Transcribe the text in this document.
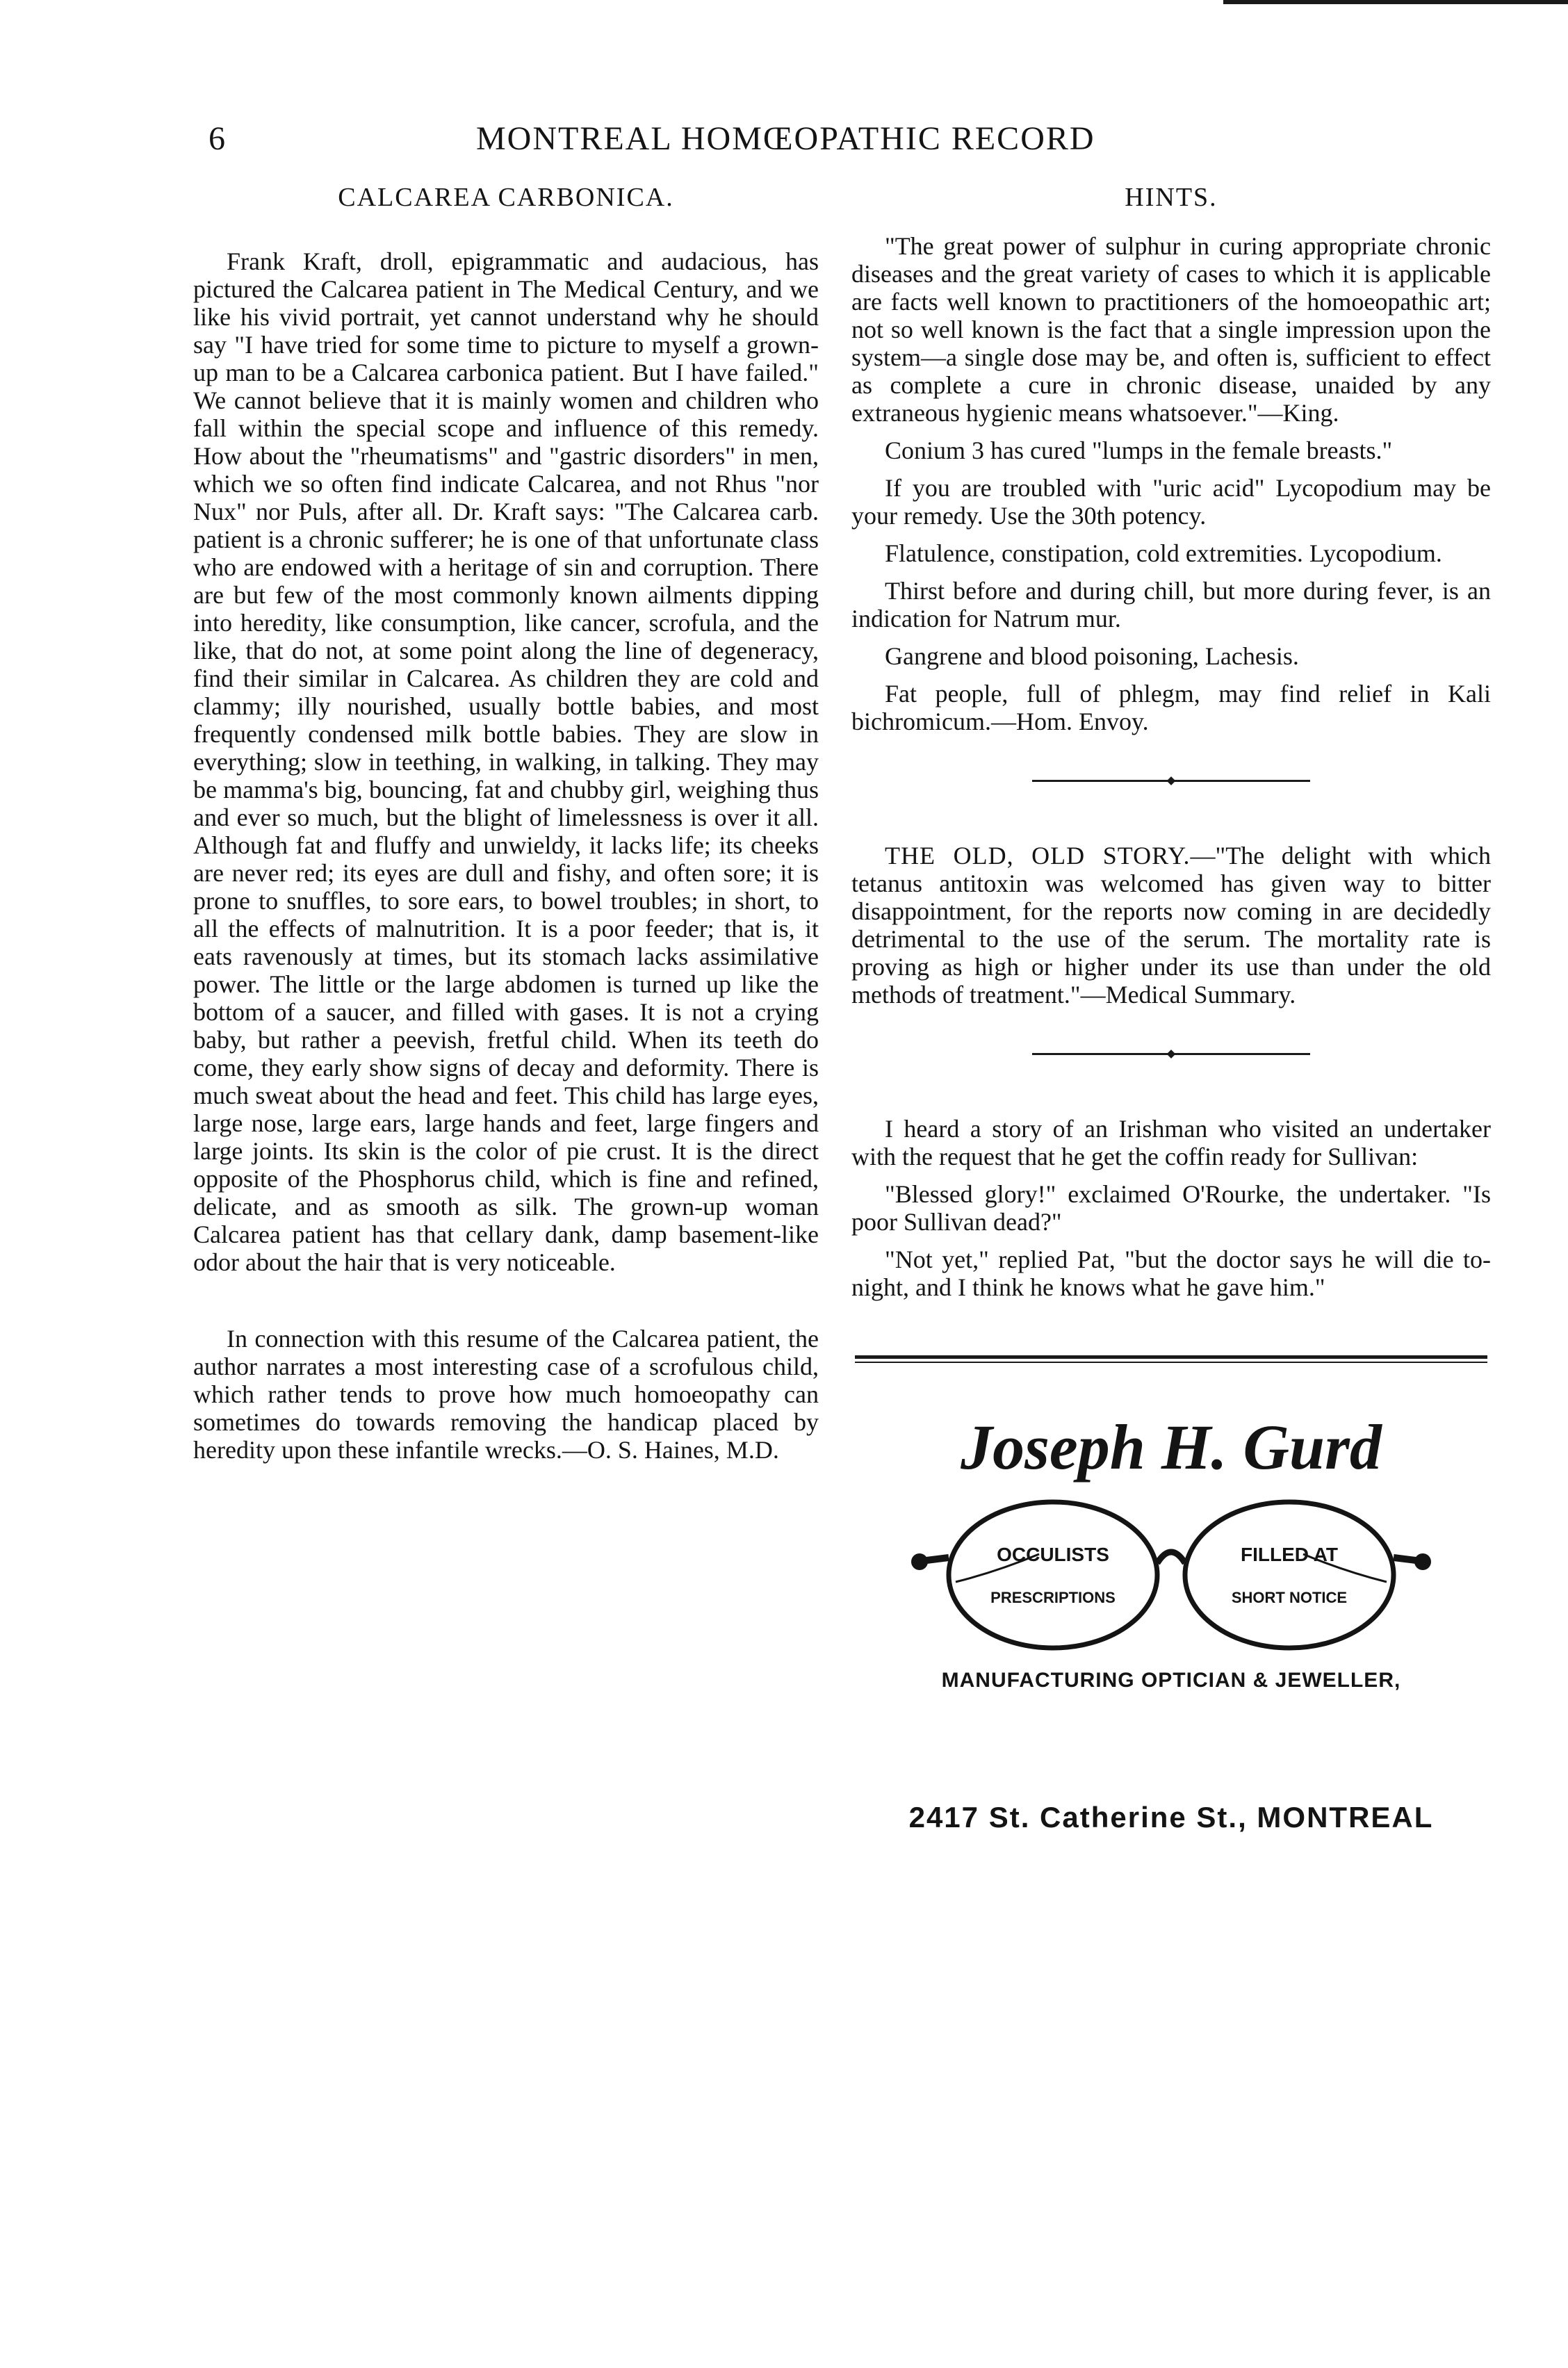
6	MONTREAL HOMŒOPATHIC RECORD
CALCAREA CARBONICA.

Frank Kraft, droll, epigrammatic and audacious, has pictured the Calcarea patient in The Medical Century, and we like his vivid portrait, yet cannot understand why he should say "I have tried for some time to picture to myself a grown-up man to be a Calcarea carbonica patient. But I have failed." We cannot believe that it is mainly women and children who fall within the special scope and influence of this remedy. How about the "rheumatisms" and "gastric disorders" in men, which we so often find indicate Calcarea, and not Rhus "nor Nux" nor Puls, after all. Dr. Kraft says: "The Calcarea carb. patient is a chronic sufferer; he is one of that unfortunate class who are endowed with a heritage of sin and corruption. There are but few of the most commonly known ailments dipping into heredity, like consumption, like cancer, scrofula, and the like, that do not, at some point along the line of degeneracy, find their similar in Calcarea. As children they are cold and clammy; illy nourished, usually bottle babies, and most frequently condensed milk bottle babies. They are slow in everything; slow in teething, in walking, in talking. They may be mamma's big, bouncing, fat and chubby girl, weighing thus and ever so much, but the blight of limelessness is over it all. Although fat and fluffy and unwieldy, it lacks life; its cheeks are never red; its eyes are dull and fishy, and often sore; it is prone to snuffles, to sore ears, to bowel troubles; in short, to all the effects of malnutrition. It is a poor feeder; that is, it eats ravenously at times, but its stomach lacks assimilative power. The little or the large abdomen is turned up like the bottom of a saucer, and filled with gases. It is not a crying baby, but rather a peevish, fretful child. When its teeth do come, they early show signs of decay and deformity. There is much sweat about the head and feet. This child has large eyes, large nose, large ears, large hands and feet, large fingers and large joints. Its skin is the color of pie crust. It is the direct opposite of the Phosphorus child, which is fine and refined, delicate, and as smooth as silk. The grown-up woman Calcarea patient has that cellary dank, damp basement-like odor about the hair that is very noticeable.

In connection with this resume of the Calcarea patient, the author narrates a most interesting case of a scrofulous child, which rather tends to prove how much homoeopathy can sometimes do towards removing the handicap placed by heredity upon these infantile wrecks.—O. S. Haines, M.D.

HINTS.

"The great power of sulphur in curing appropriate chronic diseases and the great variety of cases to which it is applicable are facts well known to practitioners of the homoeopathic art; not so well known is the fact that a single impression upon the system—a single dose may be, and often is, sufficient to effect as complete a cure in chronic disease, unaided by any extraneous hygienic means whatsoever."—King.

Conium 3 has cured "lumps in the female breasts."

If you are troubled with "uric acid" Lycopodium may be your remedy. Use the 30th potency.

Flatulence, constipation, cold extremities. Lycopodium.

Thirst before and during chill, but more during fever, is an indication for Natrum mur.

Gangrene and blood poisoning, Lachesis.

Fat people, full of phlegm, may find relief in Kali bichromicum.—Hom. Envoy.

THE OLD, OLD STORY.—"The delight with which tetanus antitoxin was welcomed has given way to bitter disappointment, for the reports now coming in are decidedly detrimental to the use of the serum. The mortality rate is proving as high or higher under its use than under the old methods of treatment."—Medical Summary.

I heard a story of an Irishman who visited an undertaker with the request that he get the coffin ready for Sullivan:

"Blessed glory!" exclaimed O'Rourke, the undertaker. "Is poor Sullivan dead?"

"Not yet," replied Pat, "but the doctor says he will die to-night, and I think he knows what he gave him."

Joseph H. Gurd
OCCULISTS
PRESCRIPTIONS
FILLED AT
SHORT NOTICE
MANUFACTURING OPTICIAN & JEWELLER,
2417 St. Catherine St., MONTREAL
